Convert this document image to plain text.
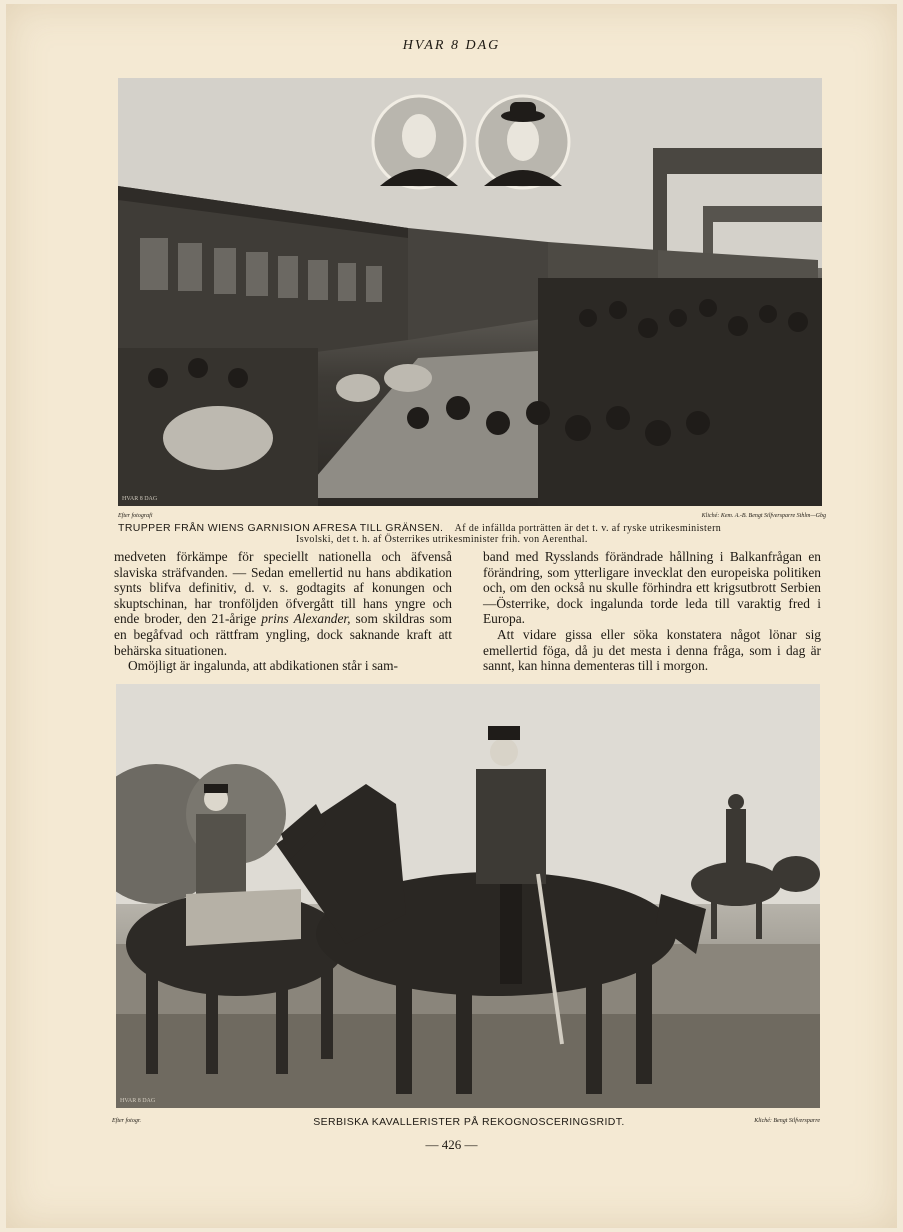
HVAR 8 DAG
HVAR 8 DAG
Efter fotografi	Kliché: Kem. A.-B. Bengt Silfversparre Sthlm—Gbg
TRUPPER FRÅN WIENS GARNISION AFRESA TILL GRÄNSEN. Af de infällda porträtten är det t. v. af ryske utrikesministern
Isvolski, det t. h. af Österrikes utrikesminister frih. von Aerenthal.

medveten förkämpe för speciellt nationella och äfvenså slaviska sträfvanden. — Sedan emellertid nu hans abdikation synts blifva definitiv, d. v. s. godtagits af konungen och skuptschinan, har tronföljden öfvergått till hans yngre och ende broder, den 21-årige prins Alexander, som skildras som en begåfvad och rättfram yngling, dock saknande kraft att behärska situationen.

Omöjligt är ingalunda, att abdikationen står i sam-

band med Rysslands förändrade hållning i Balkanfrågan en förändring, som ytterligare invecklat den europeiska politiken och, om den också nu skulle förhindra ett krigsutbrott Serbien—Österrike, dock ingalunda torde leda till varaktig fred i Europa.

Att vidare gissa eller söka konstatera något lönar sig emellertid föga, då ju det mesta i denna fråga, som i dag är sannt, kan hinna dementeras till i morgon.

HVAR 8 DAG
Efter fotogr.	Kliché: Bengt Silfversparre
SERBISKA KAVALLERISTER PÅ REKOGNOSCERINGSRIDT.
— 426 —
